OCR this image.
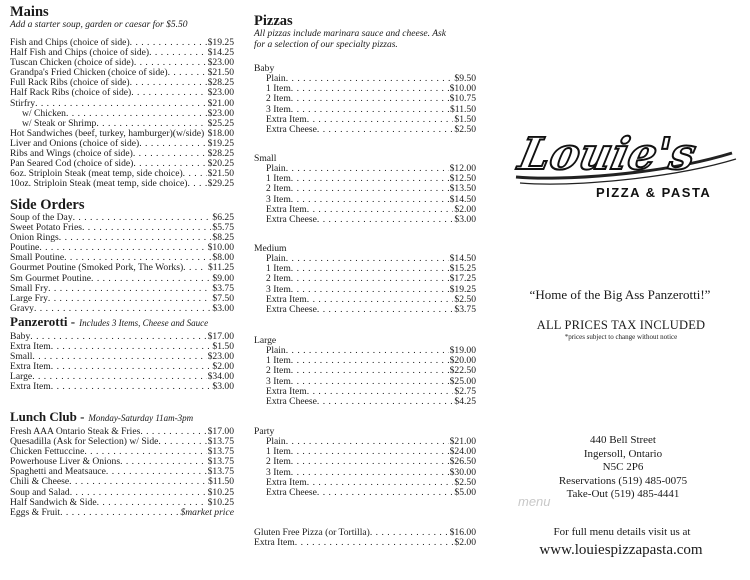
Mains
Add a starter soup, garden or caesar for $5.50
Fish and Chips (choice of side) . . .	$19.25
Half Fish and Chips (choice of side) . . .	$14.25
Tuscan Chicken (choice of side) . . .	$23.00
Grandpa's Fried Chicken (choice of side) . . .	$21.50
Full Rack Ribs (choice of side) . . .	$28.25
Half Rack Ribs (choice of side) . . .	$23.00
Stirfry . . .	$21.00
w/ Chicken . . .	$23.00
w/ Steak or Shrimp . . .	$25.25
Hot Sandwiches (beef, turkey, hamburger)(w/side) $18.00
Liver and Onions (choice of side) . . .	$19.25
Ribs and Wings (choice of side) . . .	$28.25
Pan Seared Cod (choice of side) . . .	$20.25
6oz. Striploin Steak (meat temp, side choice) . . .	$21.50
10oz. Striploin Steak (meat temp, side choice) . . . $29.25
Side Orders
Soup of the Day . . .	$6.25
Sweet Potato Fries . . .	$5.75
Onion Rings . . .	$8.25
Poutine . . .	$10.00
Small Poutine . . .	$8.00
Gourmet Poutine (Smoked Pork, The Works) . . .	$11.25
Sm Gourmet Poutine . . .	$9.00
Small Fry . . .	$3.75
Large Fry . . .	$7.50
Gravy . . .	$3.00
Panzerotti - Includes 3 Items, Cheese and Sauce
Baby . . .	$17.00
Extra Item . . .	$1.50
Small . . .	$23.00
Extra Item . . .	$2.00
Large . . .	$34.00
Extra Item . . .	$3.00
Lunch Club - Monday-Saturday 11am-3pm
Fresh AAA Ontario Steak & Fries . . .	$17.00
Quesadilla (Ask for Selection) w/ Side . . .	$13.75
Chicken Fettuccine . . .	$13.75
Powerhouse Liver & Onions . . .	$13.75
Spaghetti and Meatsauce . . .	$13.75
Chili & Cheese . . .	$11.50
Soup and Salad . . .	$10.25
Half Sandwich & Side . . .	$10.25
Eggs & Fruit . . .	$market price
Pizzas
All pizzas include marinara sauce and cheese. Ask for a selection of our specialty pizzas.
Baby
Plain . . .	$9.50
1 Item . . .	$10.00
2 Item . . .	$10.75
3 Item . . .	$11.50
Extra Item . . .	$1.50
Extra Cheese . . .	$2.50
Small
Plain . . .	$12.00
1 Item . . .	$12.50
2 Item . . .	$13.50
3 Item . . .	$14.50
Extra Item . . .	$2.00
Extra Cheese . . .	$3.00
Medium
Plain . . .	$14.50
1 Item . . .	$15.25
2 Item . . .	$17.25
3 Item . . .	$19.25
Extra Item . . .	$2.50
Extra Cheese . . .	$3.75
Large
Plain . . .	$19.00
1 Item . . .	$20.00
2 Item . . .	$22.50
3 Item . . .	$25.00
Extra Item . . .	$2.75
Extra Cheese . . .	$4.25
Party
Plain . . .	$21.00
1 Item . . .	$24.00
2 Item . . .	$26.50
3 Item . . .	$30.00
Extra Item . . .	$2.50
Extra Cheese . . .	$5.00
Gluten Free Pizza (or Tortilla) . . .	$16.00
Extra Item . . .	$2.00
Louie's
PIZZA & PASTA
“Home of the Big Ass Panzerotti!”
ALL PRICES TAX INCLUDED
*prices subject to change without notice
440 Bell Street
Ingersoll, Ontario
N5C 2P6
Reservations (519) 485-0075
Take-Out (519) 485-4441
For full menu details visit us at
www.louiespizzapasta.com
menu
